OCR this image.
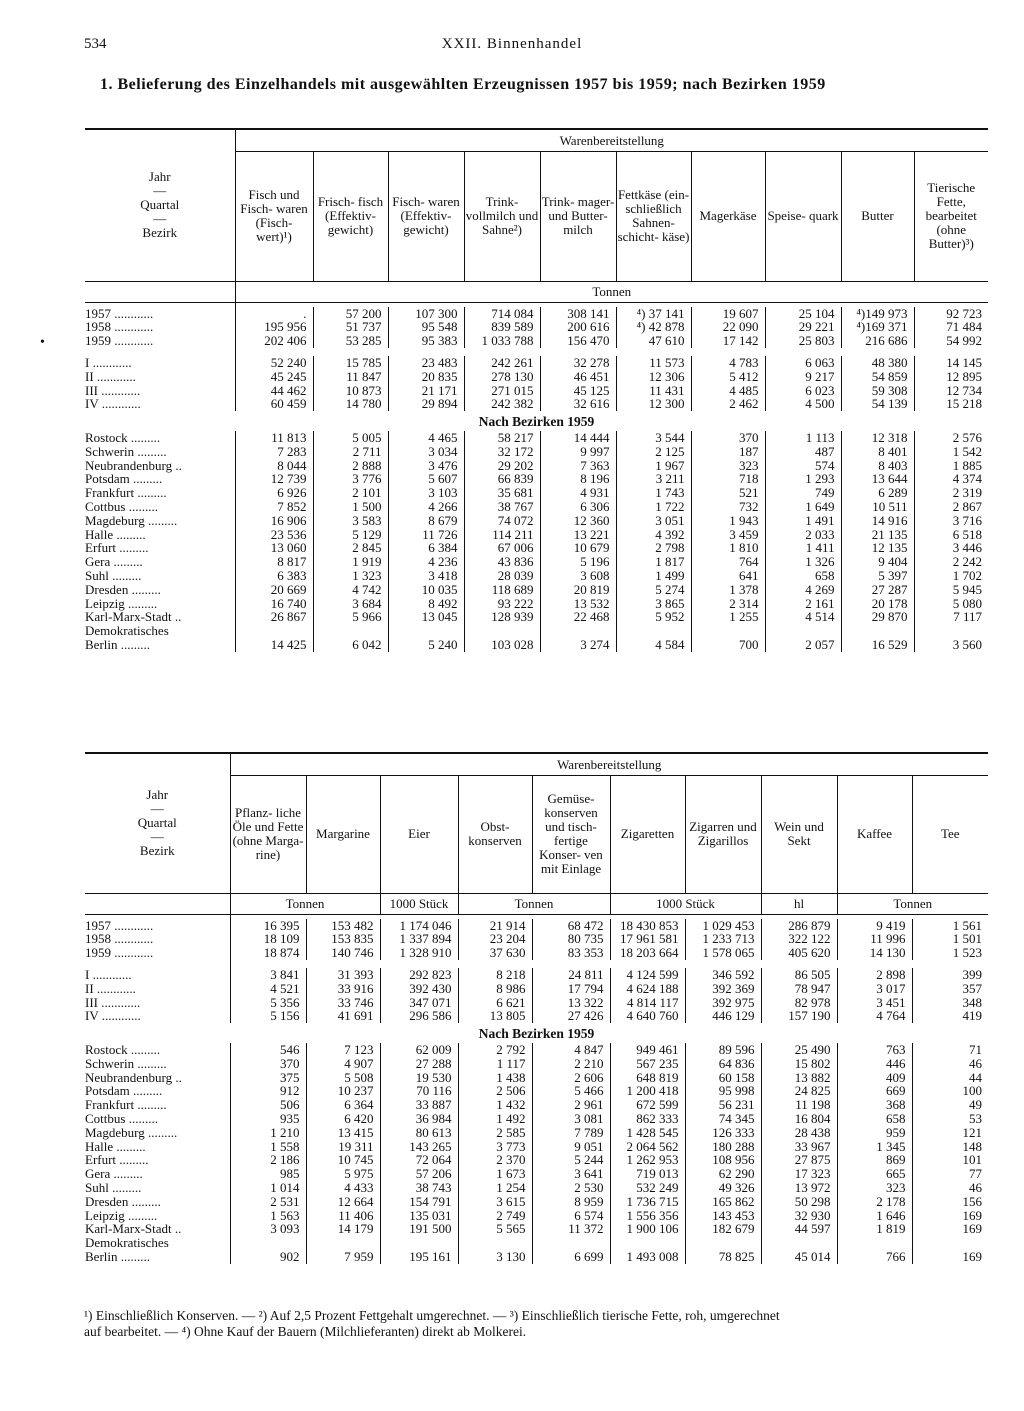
534	XXII. Binnenhandel
1. Belieferung des Einzelhandels mit ausgewählten Erzeugnissen 1957 bis 1959; nach Bezirken 1959
•
Jahr
—
Quartal
—
Bezirk	Warenbereitstellung									
	Fisch und Fisch- waren (Fisch- wert)¹)	Frisch- fisch (Effektiv- gewicht)	Fisch- waren (Effektiv- gewicht)	Trink- vollmilch und Sahne²)	Trink- mager- und Butter- milch	Fettkäse (ein- schließlich Sahnen- schicht- käse)	Magerkäse	Speise- quark	Butter	Tierische Fette, bearbeitet (ohne Butter)³)
	Tonnen									

1957 ............	.	57 200	107 300	714 084	308 141	⁴) 37 141	19 607	25 104	⁴)149 973	92 723
1958 ............	195 956	51 737	95 548	839 589	200 616	⁴) 42 878	22 090	29 221	⁴)169 371	71 484
1959 ............	202 406	53 285	95 383	1 033 788	156 470	47 610	17 142	25 803	216 686	54 992

I ............	52 240	15 785	23 483	242 261	32 278	11 573	4 783	6 063	48 380	14 145
II ............	45 245	11 847	20 835	278 130	46 451	12 306	5 412	9 217	54 859	12 895
III ............	44 462	10 873	21 171	271 015	45 125	11 431	4 485	6 023	59 308	12 734
IV ............	60 459	14 780	29 894	242 382	32 616	12 300	2 462	4 500	54 139	15 218
Nach Bezirken 1959										
Rostock .........	11 813	5 005	4 465	58 217	14 444	3 544	370	1 113	12 318	2 576
Schwerin .........	7 283	2 711	3 034	32 172	9 997	2 125	187	487	8 401	1 542
Neubrandenburg ..	8 044	2 888	3 476	29 202	7 363	1 967	323	574	8 403	1 885
Potsdam .........	12 739	3 776	5 607	66 839	8 196	3 211	718	1 293	13 644	4 374
Frankfurt .........	6 926	2 101	3 103	35 681	4 931	1 743	521	749	6 289	2 319
Cottbus .........	7 852	1 500	4 266	38 767	6 306	1 722	732	1 649	10 511	2 867
Magdeburg .........	16 906	3 583	8 679	74 072	12 360	3 051	1 943	1 491	14 916	3 716
Halle .........	23 536	5 129	11 726	114 211	13 221	4 392	3 459	2 033	21 135	6 518
Erfurt .........	13 060	2 845	6 384	67 006	10 679	2 798	1 810	1 411	12 135	3 446
Gera .........	8 817	1 919	4 236	43 836	5 196	1 817	764	1 326	9 404	2 242
Suhl .........	6 383	1 323	3 418	28 039	3 608	1 499	641	658	5 397	1 702
Dresden .........	20 669	4 742	10 035	118 689	20 819	5 274	1 378	4 269	27 287	5 945
Leipzig .........	16 740	3 684	8 492	93 222	13 532	3 865	2 314	2 161	20 178	5 080
Karl-Marx-Stadt ..	26 867	5 966	13 045	128 939	22 468	5 952	1 255	4 514	29 870	7 117
Demokratisches										
Berlin .........	14 425	6 042	5 240	103 028	3 274	4 584	700	2 057	16 529	3 560
Jahr
—
Quartal
—
Bezirk	Warenbereitstellung									
	Pflanz- liche Öle und Fette (ohne Marga- rine)	Margarine	Eier	Obst- konserven	Gemüse- konserven und tisch- fertige Konser- ven mit Einlage	Zigaretten	Zigarren und Zigarillos	Wein und Sekt	Kaffee	Tee
	Tonnen		1000 Stück	Tonnen		1000 Stück		hl	Tonnen	

1957 ............	16 395	153 482	1 174 046	21 914	68 472	18 430 853	1 029 453	286 879	9 419	1 561
1958 ............	18 109	153 835	1 337 894	23 204	80 735	17 961 581	1 233 713	322 122	11 996	1 501
1959 ............	18 874	140 746	1 328 910	37 630	83 353	18 203 664	1 578 065	405 620	14 130	1 523

I ............	3 841	31 393	292 823	8 218	24 811	4 124 599	346 592	86 505	2 898	399
II ............	4 521	33 916	392 430	8 986	17 794	4 624 188	392 369	78 947	3 017	357
III ............	5 356	33 746	347 071	6 621	13 322	4 814 117	392 975	82 978	3 451	348
IV ............	5 156	41 691	296 586	13 805	27 426	4 640 760	446 129	157 190	4 764	419
Nach Bezirken 1959										
Rostock .........	546	7 123	62 009	2 792	4 847	949 461	89 596	25 490	763	71
Schwerin .........	370	4 907	27 288	1 117	2 210	567 235	64 836	15 802	446	46
Neubrandenburg ..	375	5 508	19 530	1 438	2 606	648 819	60 158	13 882	409	44
Potsdam .........	912	10 237	70 116	2 506	5 466	1 200 418	95 998	24 825	669	100
Frankfurt .........	506	6 364	33 887	1 432	2 961	672 599	56 231	11 198	368	49
Cottbus .........	935	6 420	36 984	1 492	3 081	862 333	74 345	16 804	658	53
Magdeburg .........	1 210	13 415	80 613	2 585	7 789	1 428 545	126 333	28 438	959	121
Halle .........	1 558	19 311	143 265	3 773	9 051	2 064 562	180 288	33 967	1 345	148
Erfurt .........	2 186	10 745	72 064	2 370	5 244	1 262 953	108 956	27 875	869	101
Gera .........	985	5 975	57 206	1 673	3 641	719 013	62 290	17 323	665	77
Suhl .........	1 014	4 433	38 743	1 254	2 530	532 249	49 326	13 972	323	46
Dresden .........	2 531	12 664	154 791	3 615	8 959	1 736 715	165 862	50 298	2 178	156
Leipzig .........	1 563	11 406	135 031	2 749	6 574	1 556 356	143 453	32 930	1 646	169
Karl-Marx-Stadt ..	3 093	14 179	191 500	5 565	11 372	1 900 106	182 679	44 597	1 819	169
Demokratisches										
Berlin .........	902	7 959	195 161	3 130	6 699	1 493 008	78 825	45 014	766	169
¹) Einschließlich Konserven. — ²) Auf 2,5 Prozent Fettgehalt umgerechnet. — ³) Einschließlich tierische Fette, roh, umgerechnet
auf bearbeitet. — ⁴) Ohne Kauf der Bauern (Milchlieferanten) direkt ab Molkerei.
